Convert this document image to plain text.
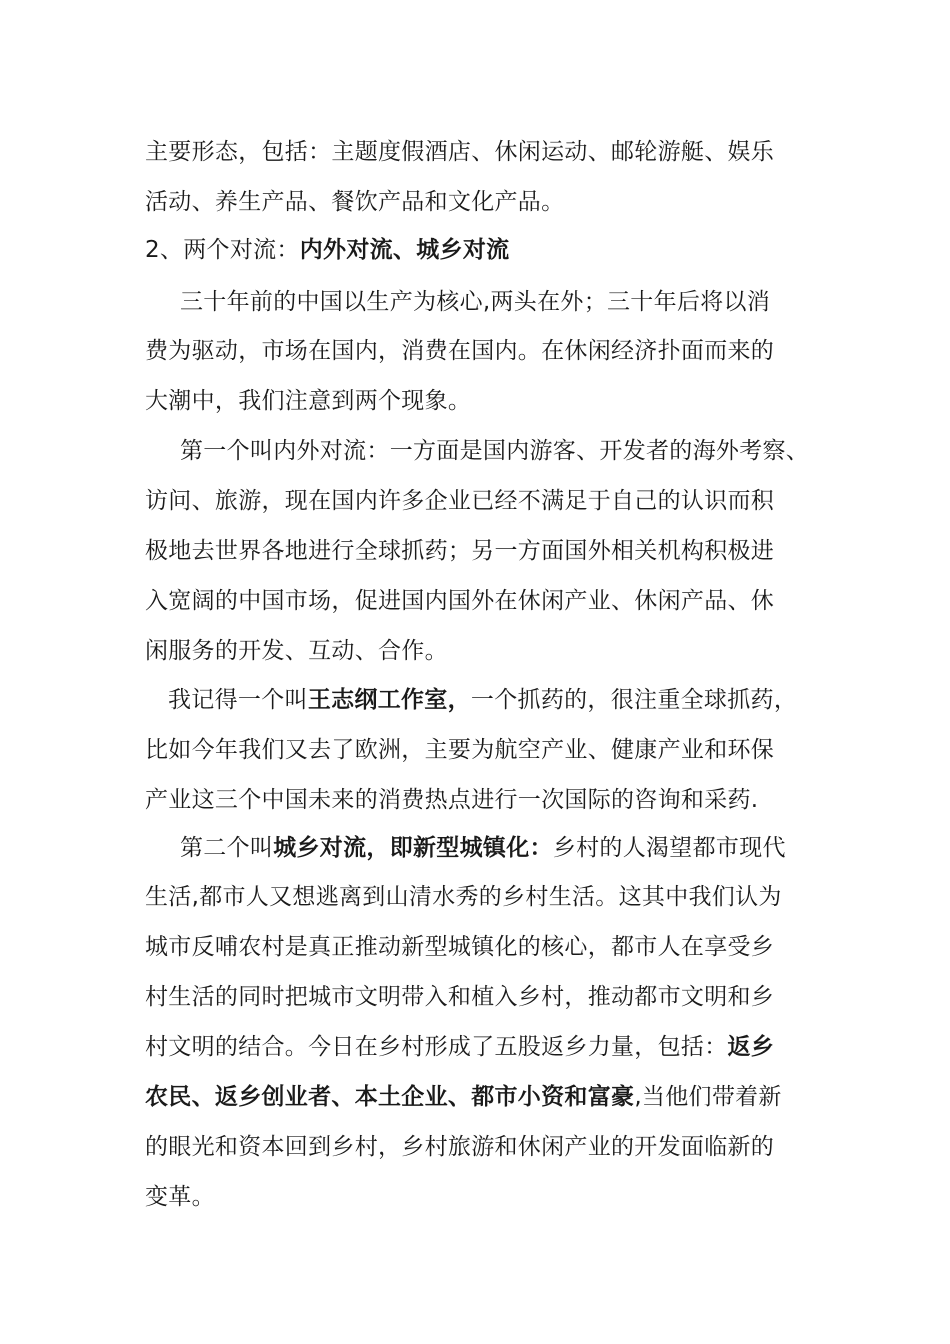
主要形态，包括：主题度假酒店、休闲运动、邮轮游艇、娱乐
活动、养生产品、餐饮产品和文化产品。
2、两个对流：内外对流、城乡对流
三十年前的中国以生产为核心,两头在外；三十年后将以消
费为驱动，市场在国内，消费在国内。在休闲经济扑面而来的
大潮中，我们注意到两个现象。
第一个叫内外对流：一方面是国内游客、开发者的海外考察、
访问、旅游，现在国内许多企业已经不满足于自己的认识而积
极地去世界各地进行全球抓药；另一方面国外相关机构积极进
入宽阔的中国市场，促进国内国外在休闲产业、休闲产品、休
闲服务的开发、互动、合作。
我记得一个叫王志纲工作室，一个抓药的，很注重全球抓药，
比如今年我们又去了欧洲，主要为航空产业、健康产业和环保
产业这三个中国未来的消费热点进行一次国际的咨询和采药.
第二个叫城乡对流，即新型城镇化：乡村的人渴望都市现代
生活,都市人又想逃离到山清水秀的乡村生活。这其中我们认为
城市反哺农村是真正推动新型城镇化的核心，都市人在享受乡
村生活的同时把城市文明带入和植入乡村，推动都市文明和乡
村文明的结合。今日在乡村形成了五股返乡力量，包括：返乡
农民、返乡创业者、本土企业、都市小资和富豪,当他们带着新
的眼光和资本回到乡村，乡村旅游和休闲产业的开发面临新的
变革。
